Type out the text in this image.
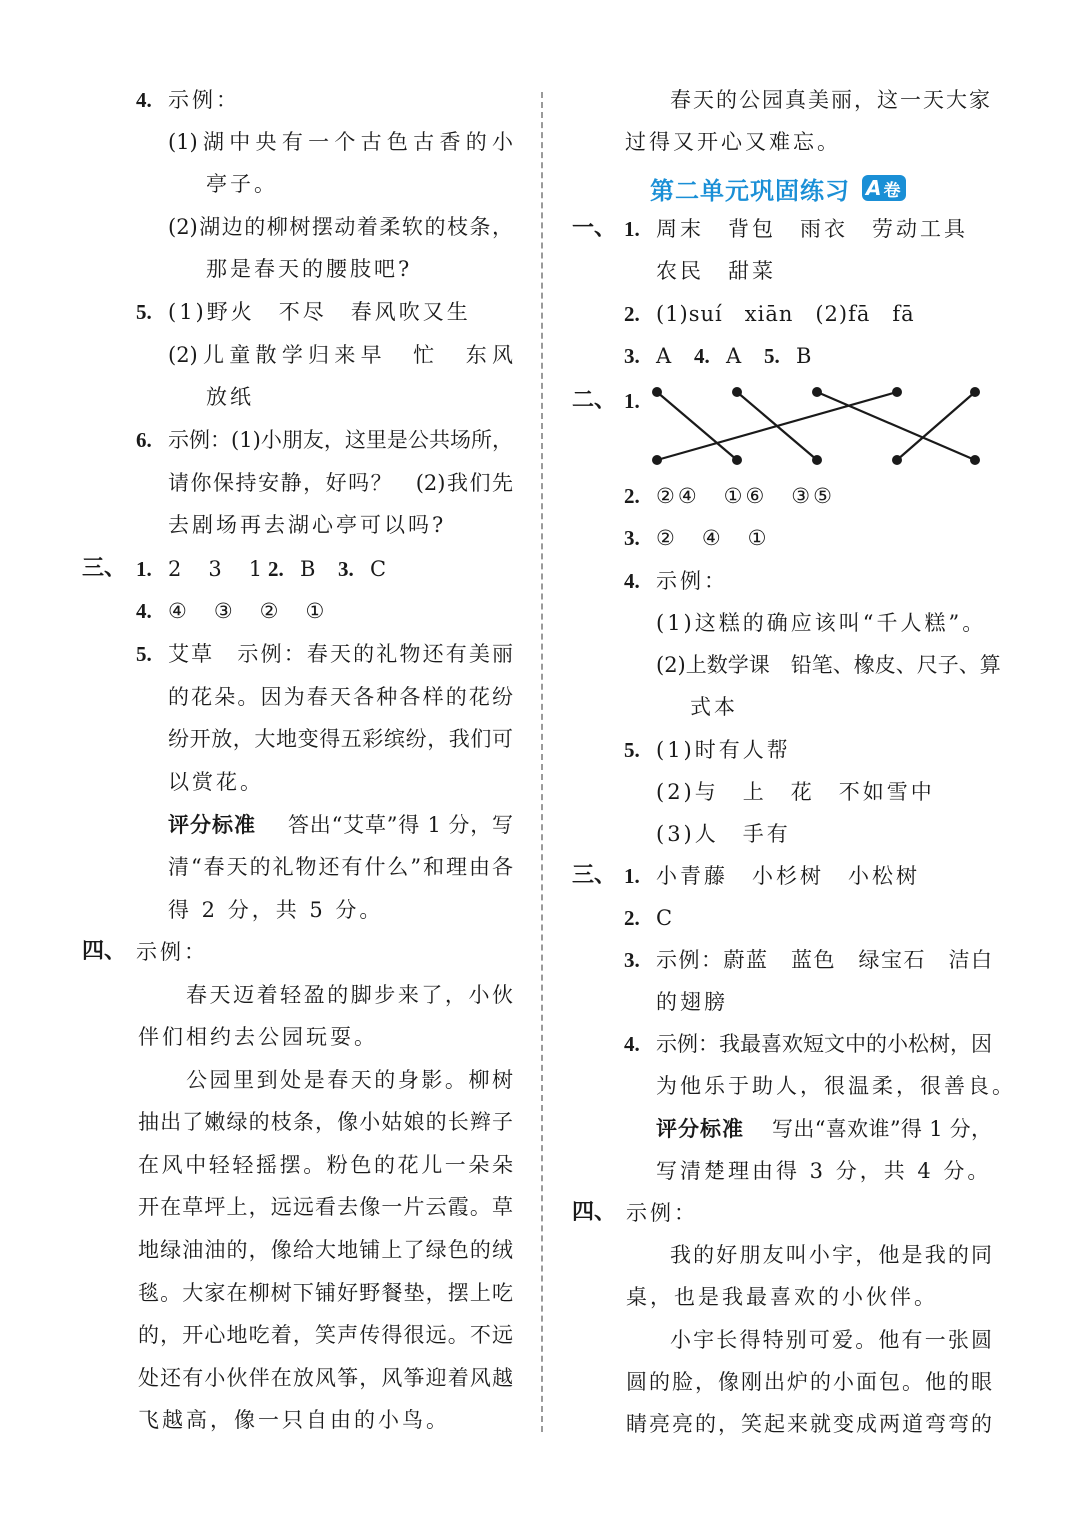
4. 示例：
(1)湖中央有一个古色古香的小
亭子。
(2)湖边的柳树摆动着柔软的枝条，
那是春天的腰肢吧?
5. (1)野火　不尽　春风吹又生
(2)儿童散学归来早　忙　东风
放纸
6. 示例：(1)小朋友，这里是公共场所，
请你保持安静，好吗？　(2)我们先
去剧场再去湖心亭可以吗?
三、 1. 2　3　1 2. B 3. C
4. ④　③　②　①
5. 艾草　示例：春天的礼物还有美丽
的花朵。因为春天各种各样的花纷
纷开放，大地变得五彩缤纷，我们可
以赏花。
评分标准 答出“艾草”得 1 分，写
清“春天的礼物还有什么”和理由各
得 2 分，共 5 分。
四、 示例：
春天迈着轻盈的脚步来了，小伙
伴们相约去公园玩耍。
公园里到处是春天的身影。柳树
抽出了嫩绿的枝条，像小姑娘的长辫子
在风中轻轻摇摆。粉色的花儿一朵朵
开在草坪上，远远看去像一片云霞。草
地绿油油的，像给大地铺上了绿色的绒
毯。大家在柳树下铺好野餐垫，摆上吃
的，开心地吃着，笑声传得很远。不远
处还有小伙伴在放风筝，风筝迎着风越
飞越高，像一只自由的小鸟。
春天的公园真美丽，这一天大家
过得又开心又难忘。
第二单元巩固练习 A 卷
一、 1. 周末　背包　雨衣　劳动工具
农民　甜菜
2. (1)suí　xiān　(2)fā　fā
3. A 4. A 5. B
二、 1.
2. ②④　①⑥　③⑤
3. ②　④　①
4. 示例：
(1)这糕的确应该叫“千人糕”。
(2)上数学课　铅笔、橡皮、尺子、算
式本
5. (1)时有人帮
(2)与　上　花　不如雪中
(3)人　手有
三、 1. 小青藤　小杉树　小松树
2. C
3. 示例：蔚蓝　蓝色　绿宝石　洁白
的翅膀
4. 示例：我最喜欢短文中的小松树，因
为他乐于助人，很温柔，很善良。
评分标准 写出“喜欢谁”得 1 分，
写清楚理由得 3 分，共 4 分。
四、 示例：
我的好朋友叫小宇，他是我的同
桌，也是我最喜欢的小伙伴。
小宇长得特别可爱。他有一张圆
圆的脸，像刚出炉的小面包。他的眼
睛亮亮的，笑起来就变成两道弯弯的
